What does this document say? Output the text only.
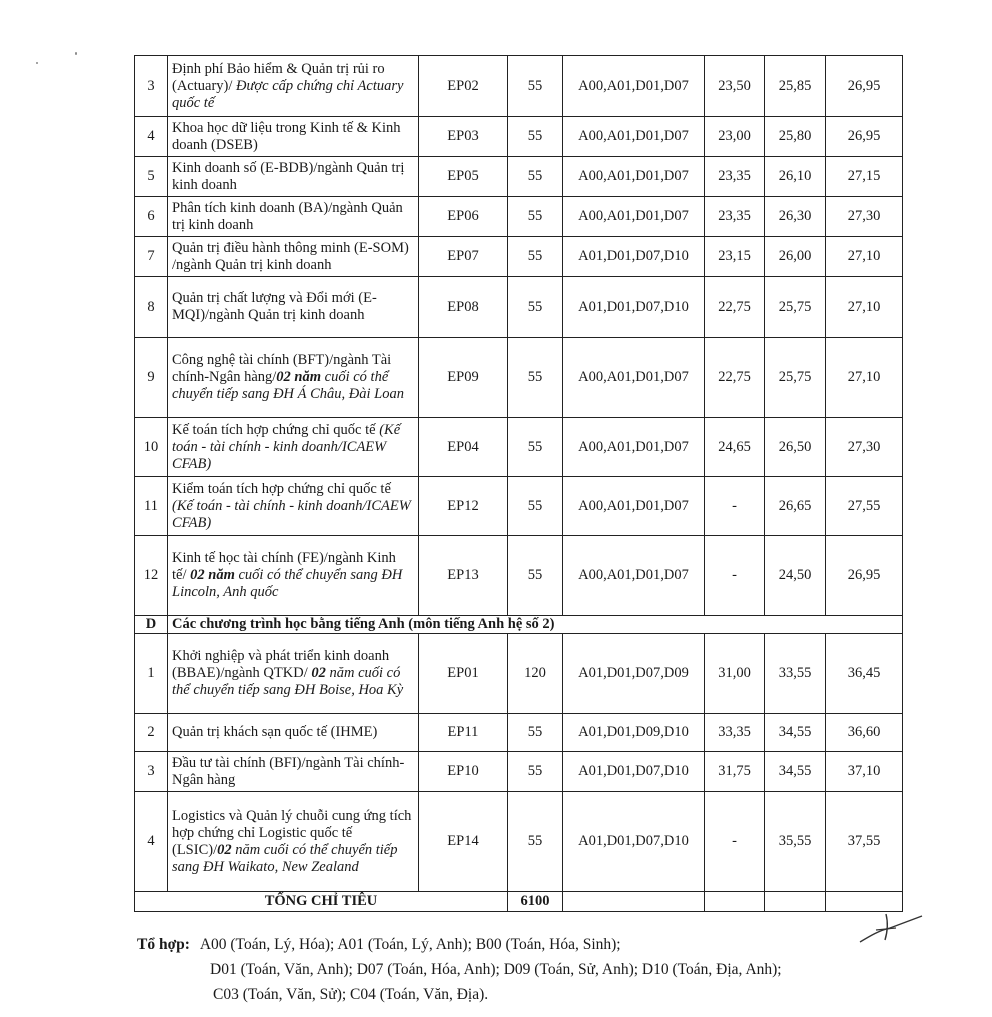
3	Định phí Bảo hiểm & Quản trị rủi ro (Actuary)/ Được cấp chứng chỉ Actuary quốc tế	EP02	55	A00,A01,D01,D07	23,50	25,85	26,95
4	Khoa học dữ liệu trong Kinh tế & Kinh doanh (DSEB)	EP03	55	A00,A01,D01,D07	23,00	25,80	26,95
5	Kinh doanh số (E-BDB)/ngành Quản trị kinh doanh	EP05	55	A00,A01,D01,D07	23,35	26,10	27,15
6	Phân tích kinh doanh (BA)/ngành Quản trị kinh doanh	EP06	55	A00,A01,D01,D07	23,35	26,30	27,30
7	Quản trị điều hành thông minh (E-SOM) /ngành Quản trị kinh doanh	EP07	55	A01,D01,D07,D10	23,15	26,00	27,10
8	Quản trị chất lượng và Đổi mới (E-MQI)/ngành Quản trị kinh doanh	EP08	55	A01,D01,D07,D10	22,75	25,75	27,10
9	Công nghệ tài chính (BFT)/ngành Tài chính-Ngân hàng/02 năm cuối có thể chuyển tiếp sang ĐH Á Châu, Đài Loan	EP09	55	A00,A01,D01,D07	22,75	25,75	27,10
10	Kế toán tích hợp chứng chỉ quốc tế (Kế toán - tài chính - kinh doanh/ICAEW CFAB)	EP04	55	A00,A01,D01,D07	24,65	26,50	27,30
11	Kiểm toán tích hợp chứng chỉ quốc tế (Kế toán - tài chính - kinh doanh/ICAEW CFAB)	EP12	55	A00,A01,D01,D07	-	26,65	27,55
12	Kinh tế học tài chính (FE)/ngành Kinh tế/ 02 năm cuối có thể chuyển sang ĐH Lincoln, Anh quốc	EP13	55	A00,A01,D01,D07	-	24,50	26,95
D	Các chương trình học bằng tiếng Anh (môn tiếng Anh hệ số 2)						
1	Khởi nghiệp và phát triển kinh doanh (BBAE)/ngành QTKD/ 02 năm cuối có thể chuyển tiếp sang ĐH Boise, Hoa Kỳ	EP01	120	A01,D01,D07,D09	31,00	33,55	36,45
2	Quản trị khách sạn quốc tế (IHME)	EP11	55	A01,D01,D09,D10	33,35	34,55	36,60
3	Đầu tư tài chính (BFI)/ngành Tài chính-Ngân hàng	EP10	55	A01,D01,D07,D10	31,75	34,55	37,10
4	Logistics và Quản lý chuỗi cung ứng tích hợp chứng chỉ Logistic quốc tế (LSIC)/02 năm cuối có thể chuyển tiếp sang ĐH Waikato, New Zealand	EP14	55	A01,D01,D07,D10	-	35,55	37,55
TỔNG CHỈ TIÊU			6100				
Tổ hợp: A00 (Toán, Lý, Hóa); A01 (Toán, Lý, Anh); B00 (Toán, Hóa, Sinh);
D01 (Toán, Văn, Anh); D07 (Toán, Hóa, Anh); D09 (Toán, Sử, Anh); D10 (Toán, Địa, Anh);
C03 (Toán, Văn, Sử); C04 (Toán, Văn, Địa).
